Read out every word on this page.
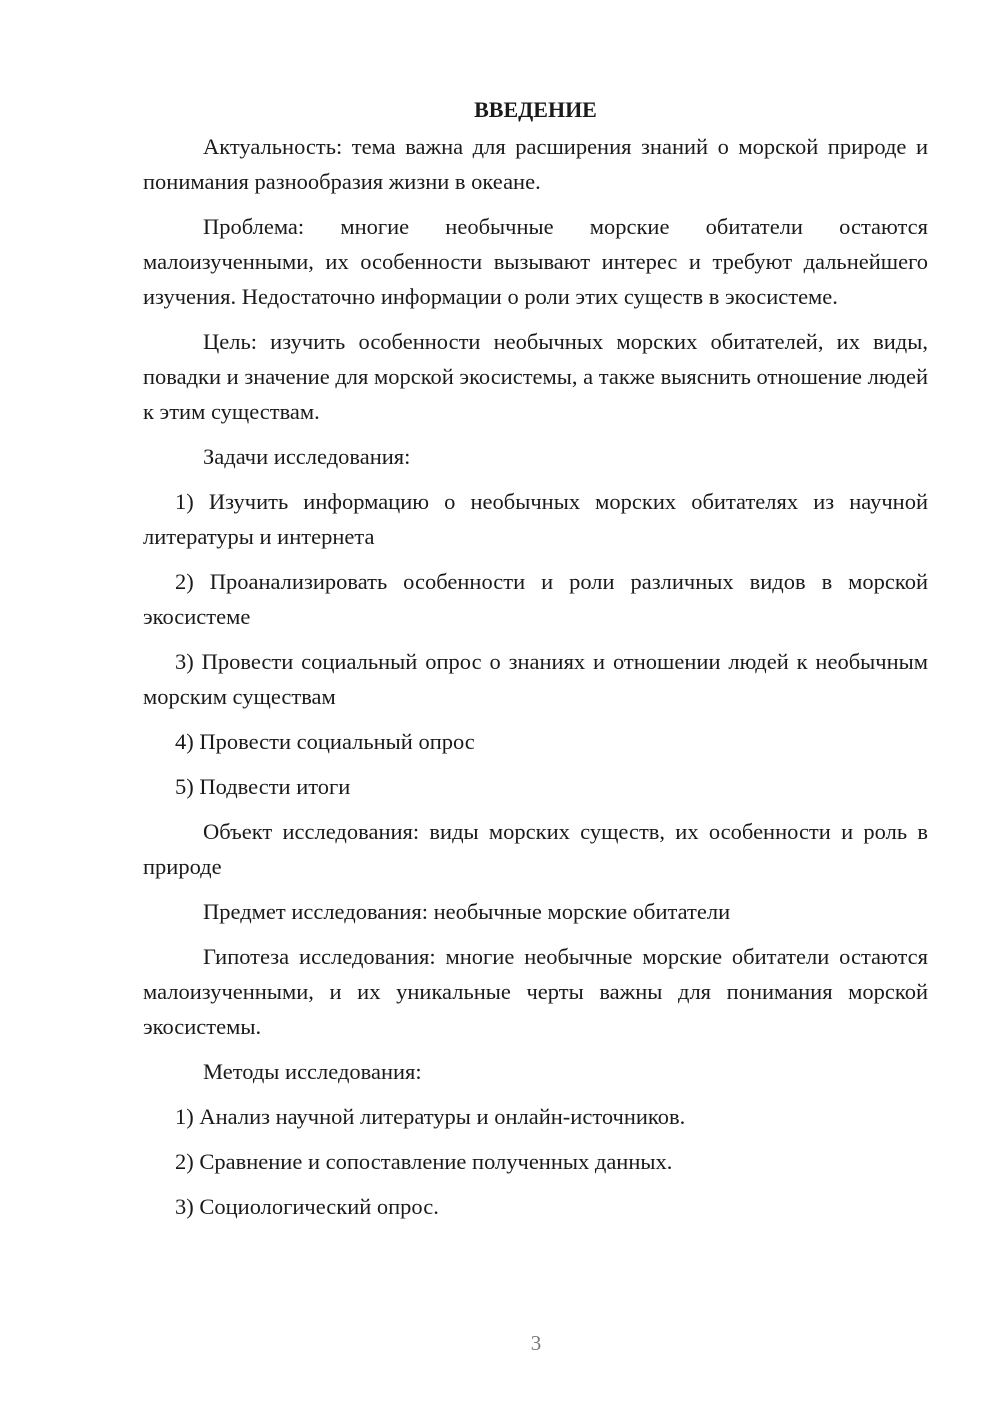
ВВЕДЕНИЕ

Актуальность: тема важна для расширения знаний о морской природе и понимания разнообразия жизни в океане.

Проблема: многие необычные морские обитатели остаются малоизученными, их особенности вызывают интерес и требуют дальнейшего изучения. Недостаточно информации о роли этих существ в экосистеме.

Цель: изучить особенности необычных морских обитателей, их виды, повадки и значение для морской экосистемы, а также выяснить отношение людей к этим существам.

Задачи исследования:

1) Изучить информацию о необычных морских обитателях из научной литературы и интернета

2) Проанализировать особенности и роли различных видов в морской экосистеме

3) Провести социальный опрос о знаниях и отношении людей к необычным морским существам

4) Провести социальный опрос

5) Подвести итоги

Объект исследования: виды морских существ, их особенности и роль в природе

Предмет исследования: необычные морские обитатели

Гипотеза исследования: многие необычные морские обитатели остаются малоизученными, и их уникальные черты важны для понимания морской экосистемы.

Методы исследования:

1) Анализ научной литературы и онлайн-источников.

2) Сравнение и сопоставление полученных данных.

3) Социологический опрос.

3
